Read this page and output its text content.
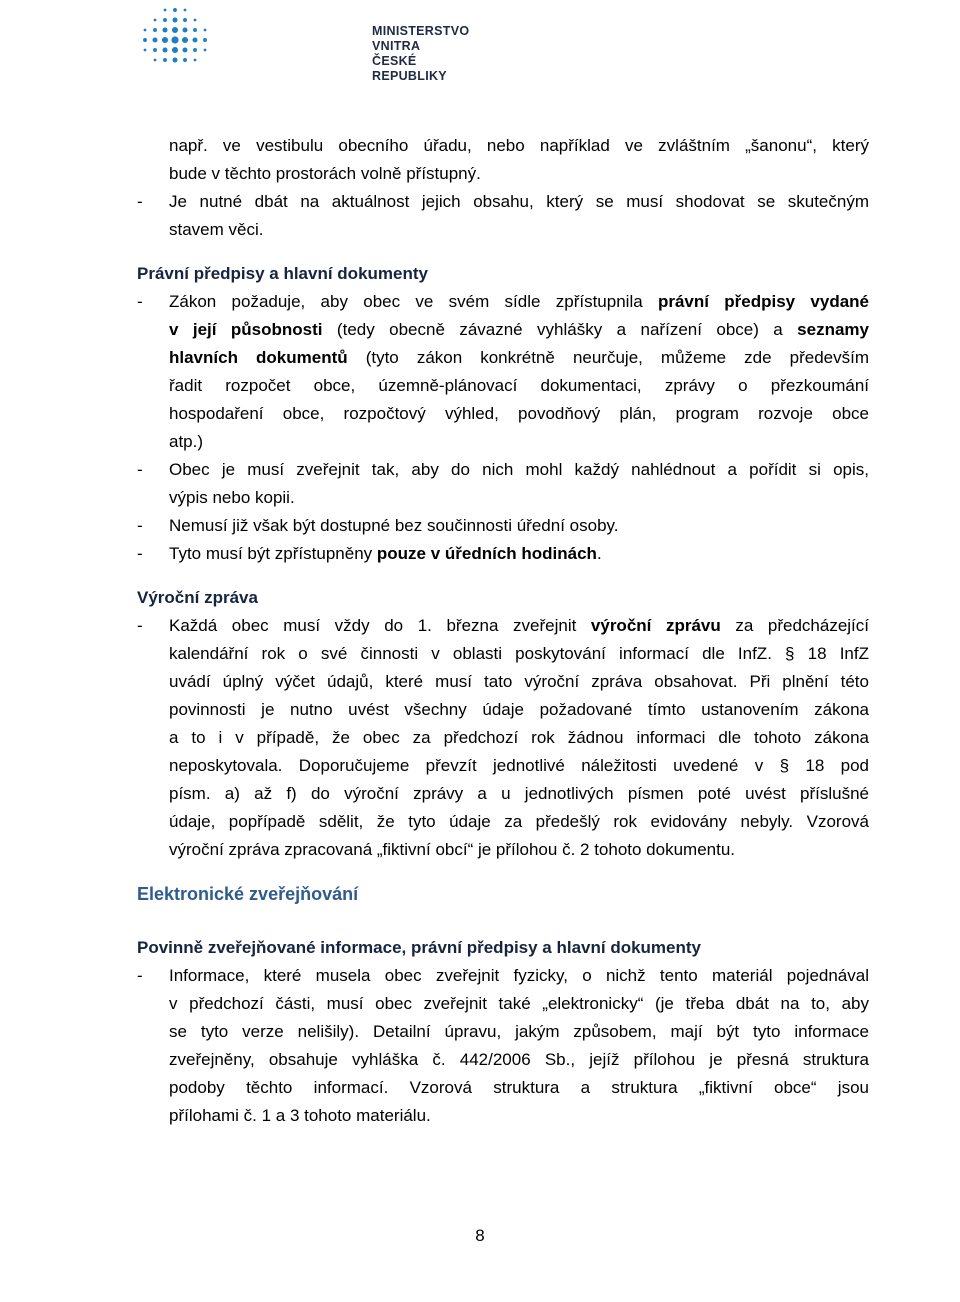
MINISTERSTVO VNITRA
ČESKÉ REPUBLIKY
např. ve vestibulu obecního úřadu, nebo například ve zvláštním „šanonu“, který
bude v těchto prostorách volně přístupný.
- Je nutné dbát na aktuálnost jejich obsahu, který se musí shodovat se skutečným
stavem věci.
Právní předpisy a hlavní dokumenty
- Zákon požaduje, aby obec ve svém sídle zpřístupnila právní předpisy vydané
v její působnosti (tedy obecně závazné vyhlášky a nařízení obce) a seznamy
hlavních dokumentů (tyto zákon konkrétně neurčuje, můžeme zde především
řadit rozpočet obce, územně-plánovací dokumentaci, zprávy o přezkoumání
hospodaření obce, rozpočtový výhled, povodňový plán, program rozvoje obce
atp.)
- Obec je musí zveřejnit tak, aby do nich mohl každý nahlédnout a pořídit si opis,
výpis nebo kopii.
- Nemusí již však být dostupné bez součinnosti úřední osoby.
- Tyto musí být zpřístupněny pouze v úředních hodinách.
Výroční zpráva
- Každá obec musí vždy do 1. března zveřejnit výroční zprávu za předcházející
kalendářní rok o své činnosti v oblasti poskytování informací dle InfZ. § 18 InfZ
uvádí úplný výčet údajů, které musí tato výroční zpráva obsahovat. Při plnění této
povinnosti je nutno uvést všechny údaje požadované tímto ustanovením zákona
a to i v případě, že obec za předchozí rok žádnou informaci dle tohoto zákona
neposkytovala. Doporučujeme převzít jednotlivé náležitosti uvedené v § 18 pod
písm. a) až f) do výroční zprávy a u jednotlivých písmen poté uvést příslušné
údaje, popřípadě sdělit, že tyto údaje za předešlý rok evidovány nebyly. Vzorová
výroční zpráva zpracovaná „fiktivní obcí“ je přílohou č. 2 tohoto dokumentu.
Elektronické zveřejňování
Povinně zveřejňované informace, právní předpisy a hlavní dokumenty
- Informace, které musela obec zveřejnit fyzicky, o nichž tento materiál pojednával
v předchozí části, musí obec zveřejnit také „elektronicky“ (je třeba dbát na to, aby
se tyto verze nelišily). Detailní úpravu, jakým způsobem, mají být tyto informace
zveřejněny, obsahuje vyhláška č. 442/2006 Sb., jejíž přílohou je přesná struktura
podoby těchto informací. Vzorová struktura a struktura „fiktivní obce“ jsou
přílohami č. 1 a 3 tohoto materiálu.
8
